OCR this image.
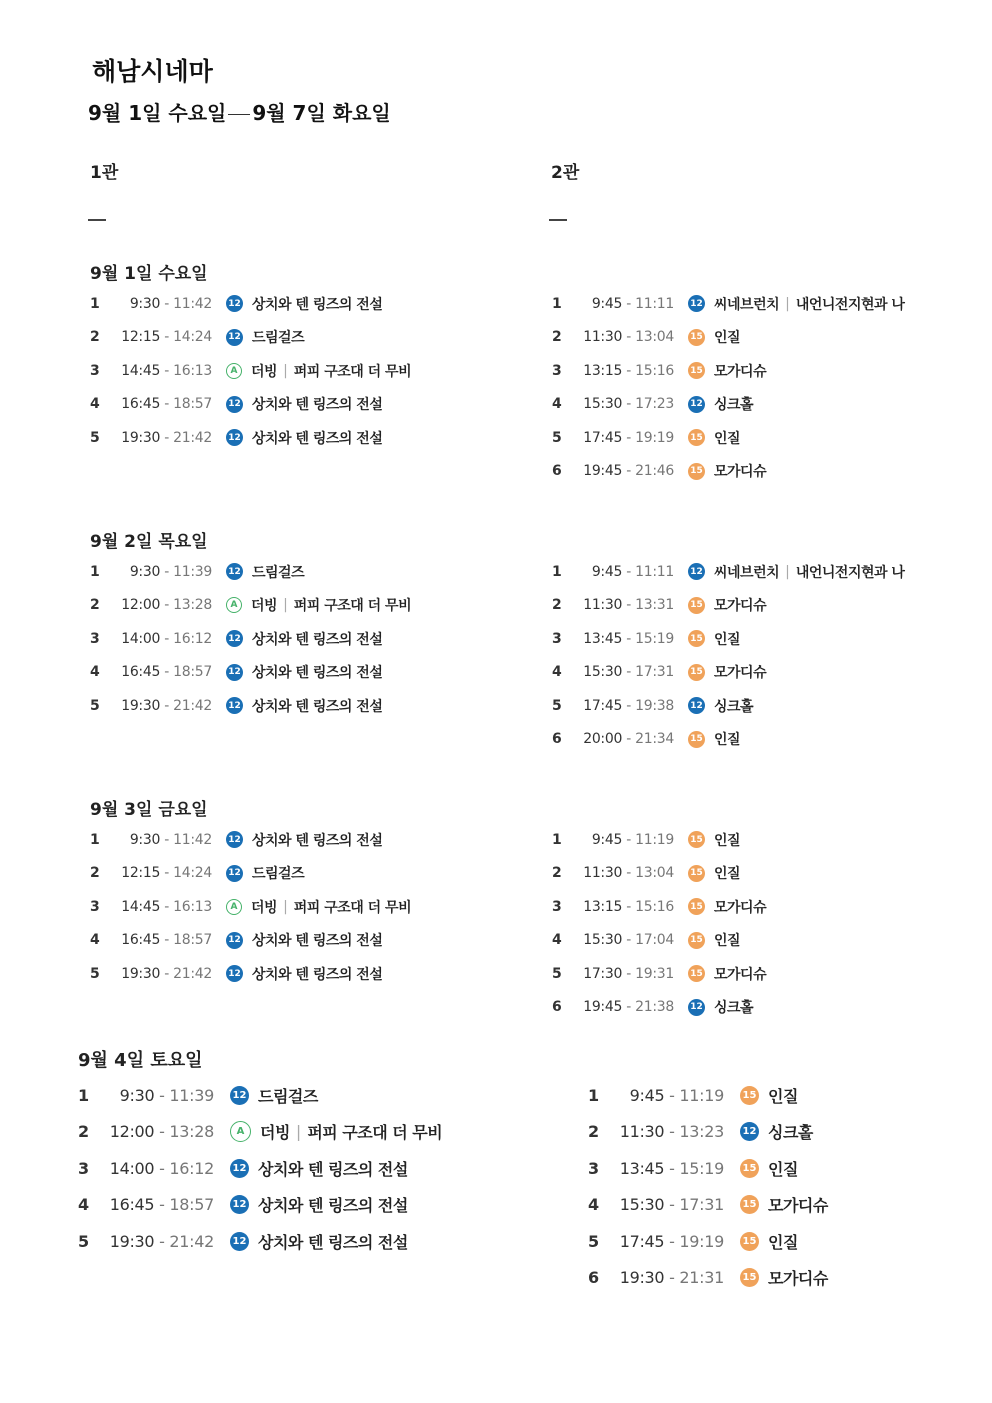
해남시네마
9월 1일 수요일 9월 7일 화요일
1관	2관
9월 1일 수요일
1	9:30 - 11:42	12 상치와 텐 링즈의 전설
2	12:15 - 14:24	12 드림걸즈
3	14:45 - 16:13	A 더빙 | 퍼피 구조대 더 무비
4	16:45 - 18:57	12 상치와 텐 링즈의 전설
5	19:30 - 21:42	12 상치와 텐 링즈의 전설
1	9:45 - 11:11	12 씨네브런치 | 내언니전지현과 나
2	11:30 - 13:04	15 인질
3	13:15 - 15:16	15 모가디슈
4	15:30 - 17:23	12 싱크홀
5	17:45 - 19:19	15 인질
6	19:45 - 21:46	15 모가디슈
9월 2일 목요일
1	9:30 - 11:39	12 드림걸즈
2	12:00 - 13:28	A 더빙 | 퍼피 구조대 더 무비
3	14:00 - 16:12	12 상치와 텐 링즈의 전설
4	16:45 - 18:57	12 상치와 텐 링즈의 전설
5	19:30 - 21:42	12 상치와 텐 링즈의 전설
1	9:45 - 11:11	12 씨네브런치 | 내언니전지현과 나
2	11:30 - 13:31	15 모가디슈
3	13:45 - 15:19	15 인질
4	15:30 - 17:31	15 모가디슈
5	17:45 - 19:38	12 싱크홀
6	20:00 - 21:34	15 인질
9월 3일 금요일
1	9:30 - 11:42	12 상치와 텐 링즈의 전설
2	12:15 - 14:24	12 드림걸즈
3	14:45 - 16:13	A 더빙 | 퍼피 구조대 더 무비
4	16:45 - 18:57	12 상치와 텐 링즈의 전설
5	19:30 - 21:42	12 상치와 텐 링즈의 전설
1	9:45 - 11:19	15 인질
2	11:30 - 13:04	15 인질
3	13:15 - 15:16	15 모가디슈
4	15:30 - 17:04	15 인질
5	17:30 - 19:31	15 모가디슈
6	19:45 - 21:38	12 싱크홀
9월 4일 토요일
1	9:30 - 11:39	12 드림걸즈
2	12:00 - 13:28	A 더빙 | 퍼피 구조대 더 무비
3	14:00 - 16:12	12 상치와 텐 링즈의 전설
4	16:45 - 18:57	12 상치와 텐 링즈의 전설
5	19:30 - 21:42	12 상치와 텐 링즈의 전설
1	9:45 - 11:19	15 인질
2	11:30 - 13:23	12 싱크홀
3	13:45 - 15:19	15 인질
4	15:30 - 17:31	15 모가디슈
5	17:45 - 19:19	15 인질
6	19:30 - 21:31	15 모가디슈
